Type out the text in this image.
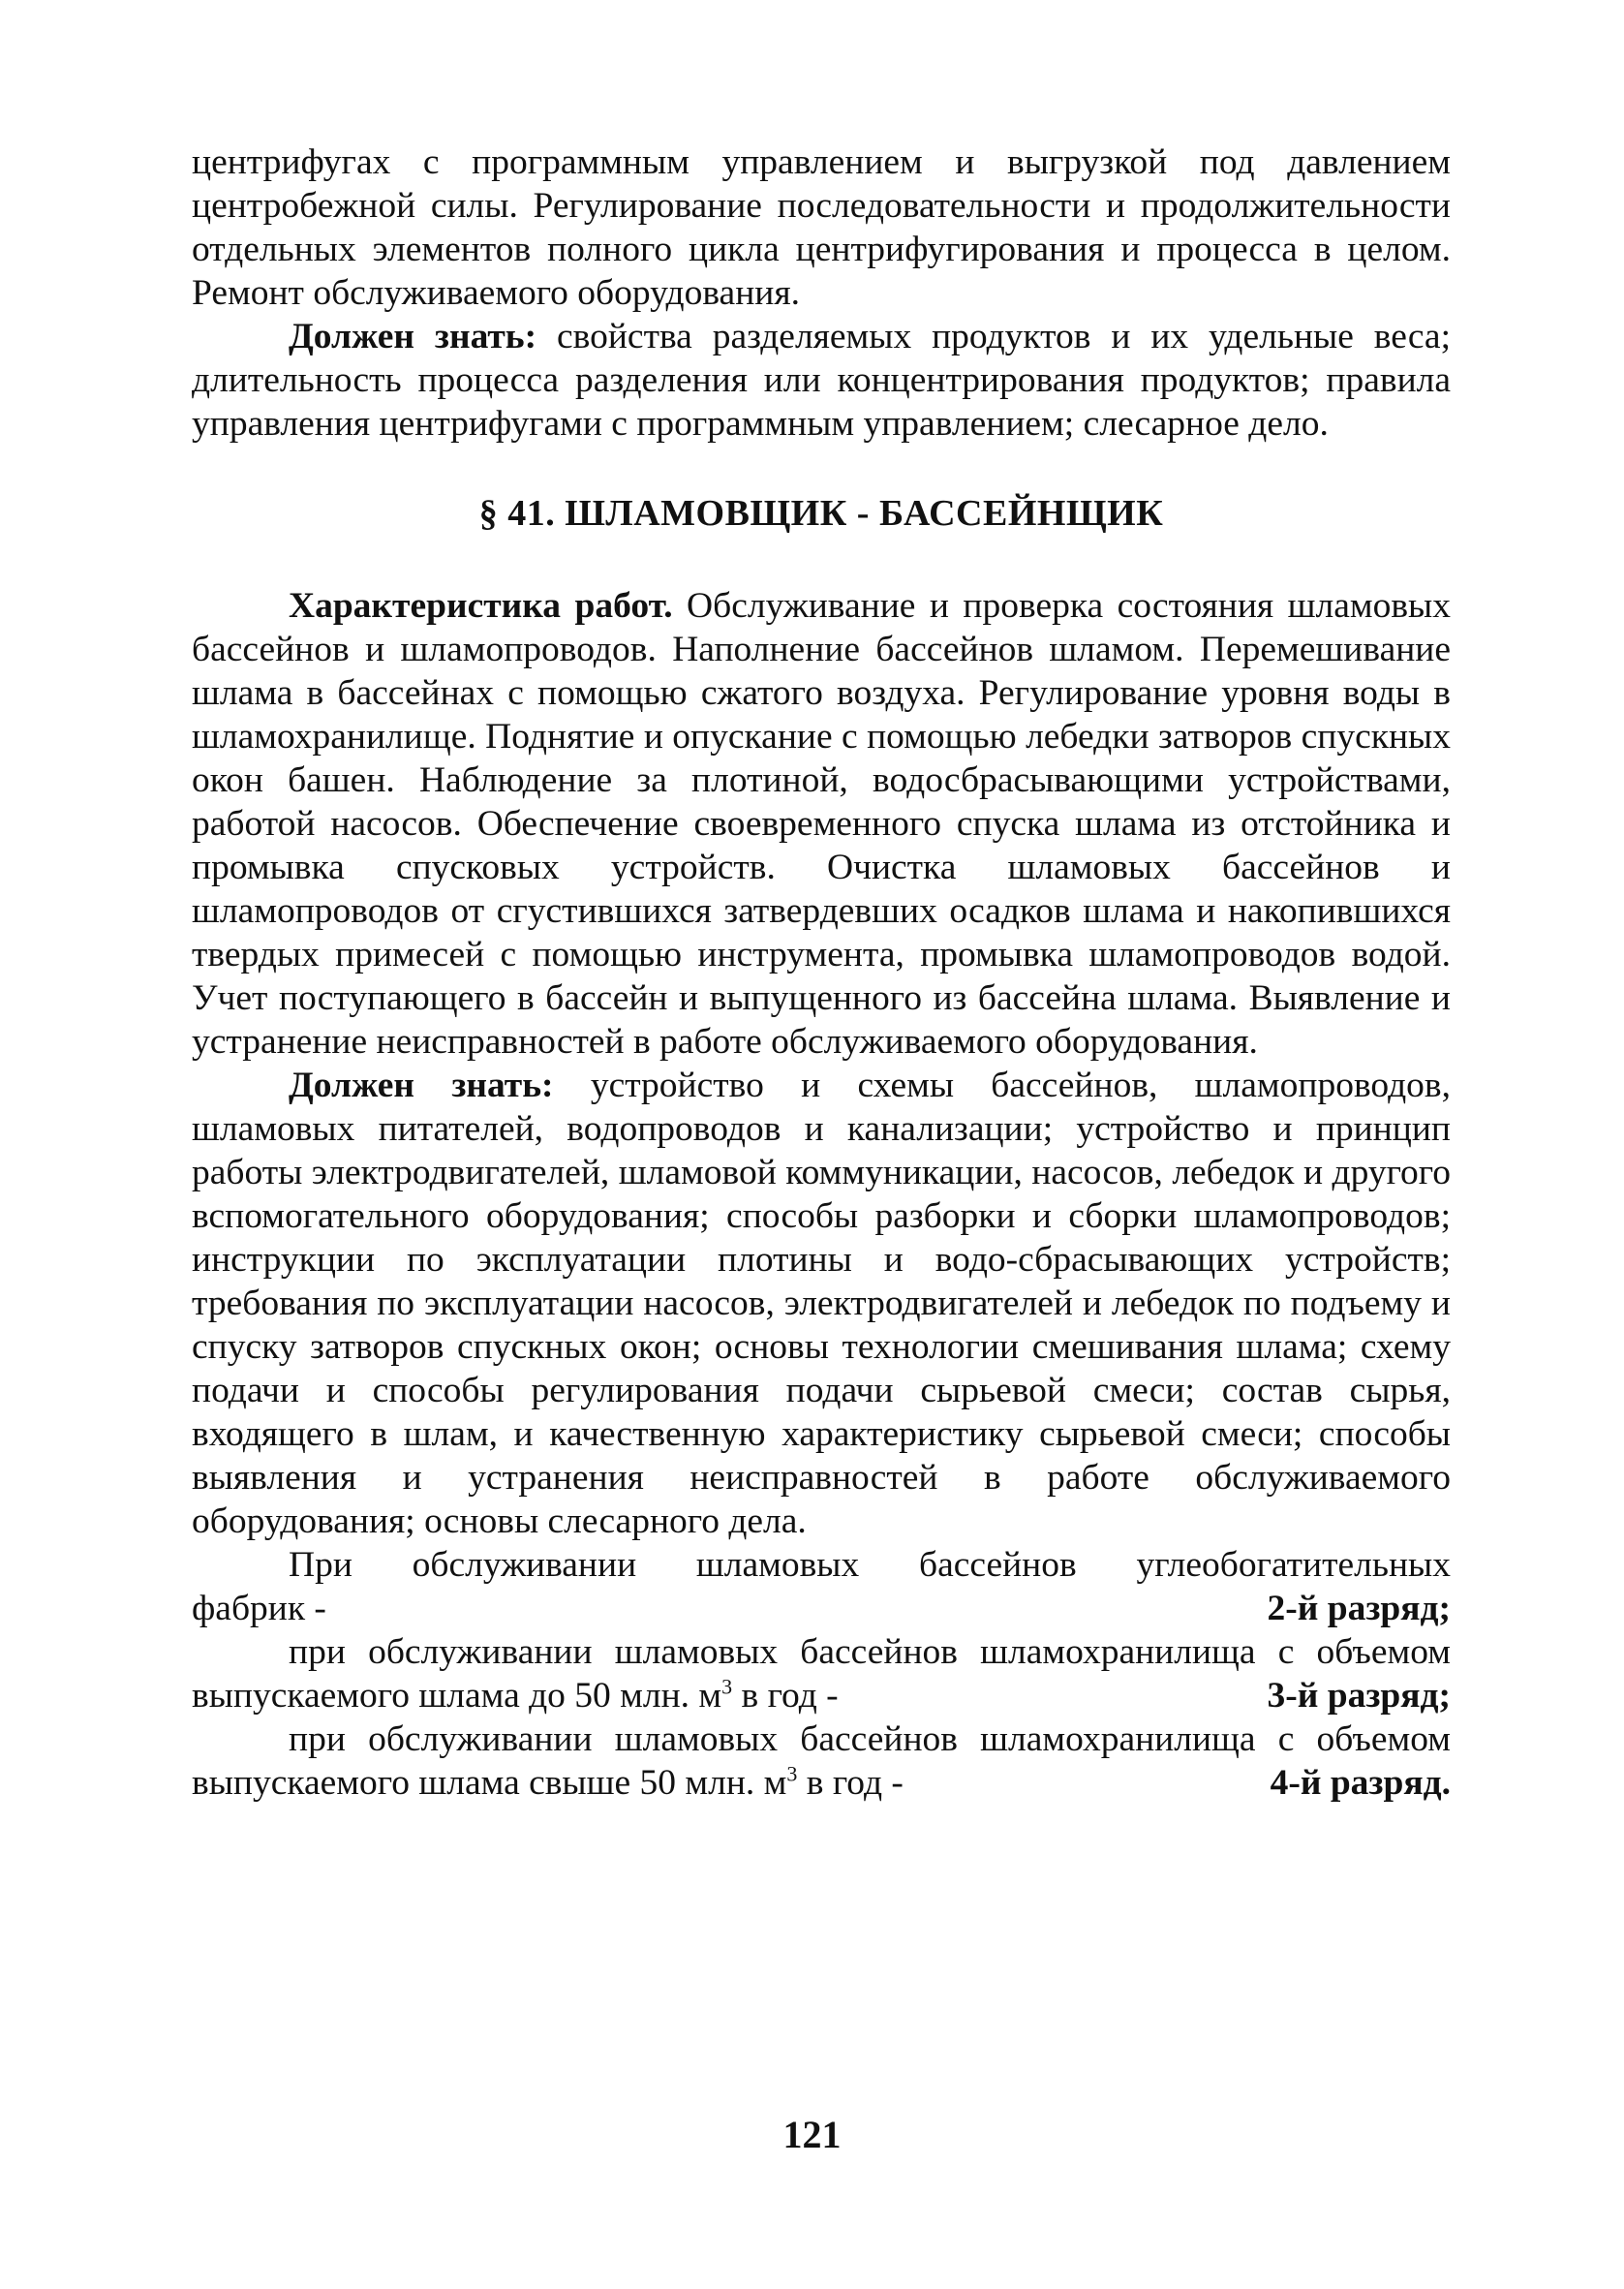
центрифугах с программным управлением и выгрузкой под давлением центробежной силы. Регулирование последовательности и продолжительности отдельных элементов полного цикла центрифугирования и процесса в целом. Ремонт обслуживаемого оборудования.

Должен знать: свойства разделяемых продуктов и их удельные веса; длительность процесса разделения или концентрирования продуктов; правила управления центрифугами с программным управлением; слесарное дело.

§ 41. ШЛАМОВЩИК - БАССЕЙНЩИК

Характеристика работ. Обслуживание и проверка состояния шламовых бассейнов и шламопроводов. Наполнение бассейнов шламом. Перемешивание шлама в бассейнах с помощью сжатого воздуха. Регулирование уровня воды в шламохранилище. Поднятие и опускание с помощью лебедки затворов спускных окон башен. Наблюдение за плотиной, водосбрасывающими устройствами, работой насосов. Обеспечение своевременного спуска шлама из отстойника и промывка спусковых устройств. Очистка шламовых бассейнов и шламопроводов от сгустившихся затвердевших осадков шлама и накопившихся твердых примесей с помощью инструмента, промывка шламопроводов водой. Учет поступающего в бассейн и выпущенного из бассейна шлама. Выявление и устранение неисправностей в работе обслуживаемого оборудования.

Должен знать: устройство и схемы бассейнов, шламопроводов, шламовых питателей, водопроводов и канализации; устройство и принцип работы электродвигателей, шламовой коммуникации, насосов, лебедок и другого вспомогательного оборудования; способы разборки и сборки шламопроводов; инструкции по эксплуатации плотины и водо-сбрасывающих устройств; требования по эксплуатации насосов, электродвигателей и лебедок по подъему и спуску затворов спускных окон; основы технологии смешивания шлама; схему подачи и способы регулирования подачи сырьевой смеси; состав сырья, входящего в шлам, и качественную характеристику сырьевой смеси; способы выявления и устранения неисправностей в работе обслуживаемого оборудования; основы слесарного дела.

При обслуживании шламовых бассейнов углеобогатительных

фабрик -	2-й разряд;

при обслуживании шламовых бассейнов шламохранилища с объемом

выпускаемого шлама до 50 млн. $м^3$ в год -	3-й разряд;

при обслуживании шламовых бассейнов шламохранилища с объемом

выпускаемого шлама свыше 50 млн. $м^3$ в год -	4-й разряд.
121
